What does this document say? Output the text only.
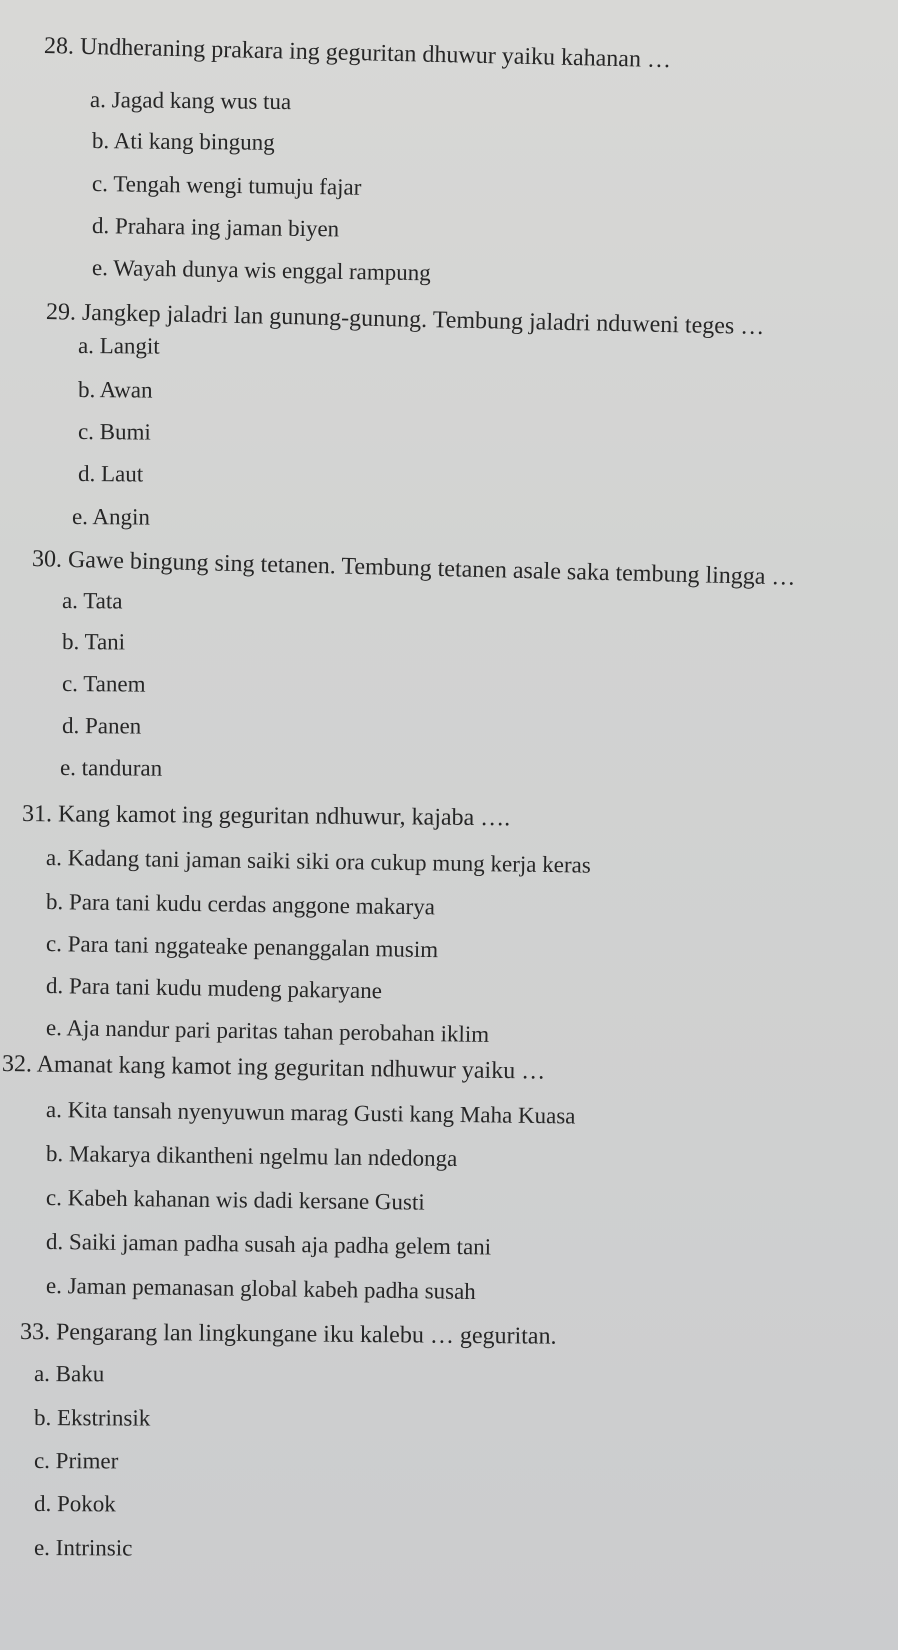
28. Undheraning prakara ing geguritan dhuwur yaiku kahanan …
a. Jagad kang wus tua
b. Ati kang bingung
c. Tengah wengi tumuju fajar
d. Prahara ing jaman biyen
e. Wayah dunya wis enggal rampung
29. Jangkep jaladri lan gunung-gunung. Tembung jaladri nduweni teges …
a. Langit
b. Awan
c. Bumi
d. Laut
e. Angin
30. Gawe bingung sing tetanen. Tembung tetanen asale saka tembung lingga …
a. Tata
b. Tani
c. Tanem
d. Panen
e. tanduran
31. Kang kamot ing geguritan ndhuwur, kajaba ….
a. Kadang tani jaman saiki siki ora cukup mung kerja keras
b. Para tani kudu cerdas anggone makarya
c. Para tani nggateake penanggalan musim
d. Para tani kudu mudeng pakaryane
e. Aja nandur pari paritas tahan perobahan iklim
32. Amanat kang kamot ing geguritan ndhuwur yaiku …
a. Kita tansah nyenyuwun marag Gusti kang Maha Kuasa
b. Makarya dikantheni ngelmu lan ndedonga
c. Kabeh kahanan wis dadi kersane Gusti
d. Saiki jaman padha susah aja padha gelem tani
e. Jaman pemanasan global kabeh padha susah
33. Pengarang lan lingkungane iku kalebu … geguritan.
a. Baku
b. Ekstrinsik
c. Primer
d. Pokok
e. Intrinsic
